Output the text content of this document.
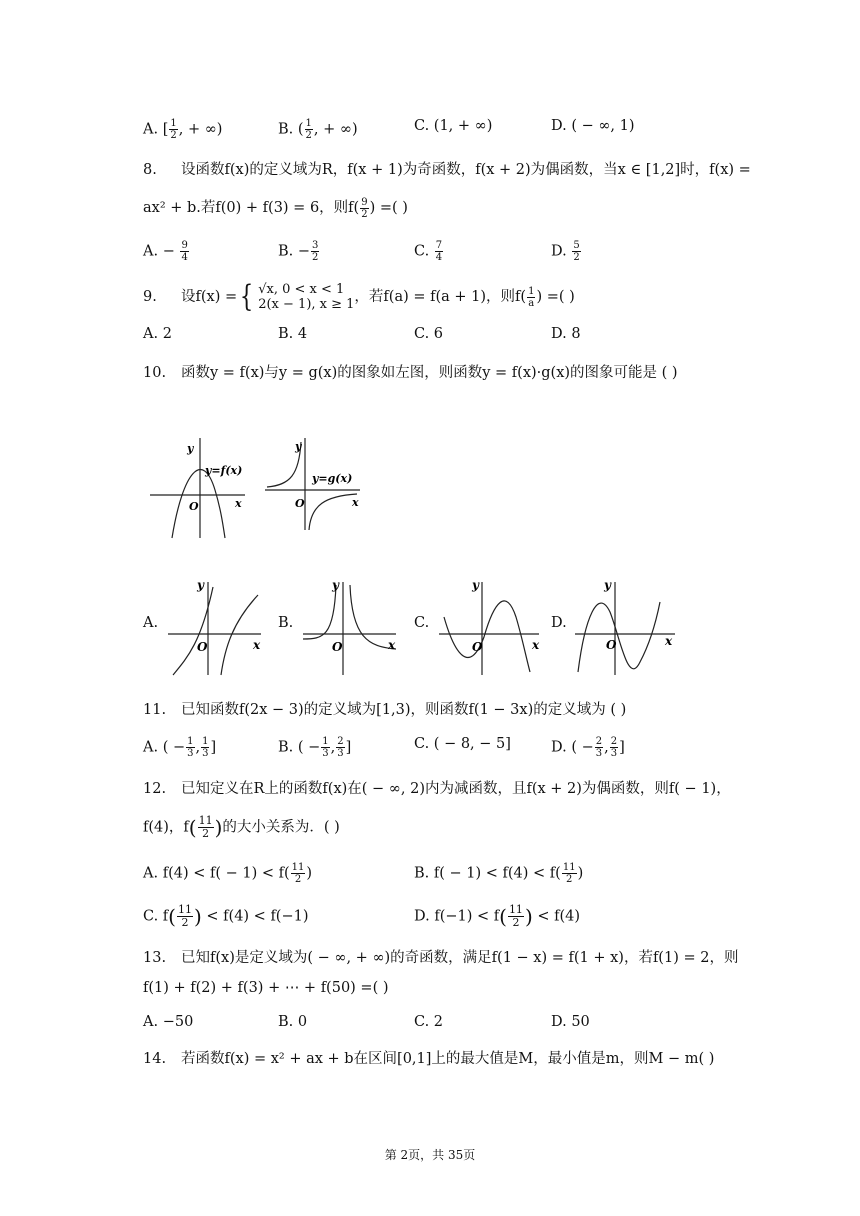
A. [ $\frac{1}{2}$ , + ∞)	B. ( $\frac{1}{2}$ , + ∞)	C. (1, + ∞)	D. ( − ∞, 1)
8. 设函数f(x)的定义域为R，f(x + 1)为奇函数，f(x + 2)为偶函数，当x ∈ [1,2]时，f(x) =
ax² + b.若f(0) + f(3) = 6，则$f( \frac{9}{2}$ ) =( )
A. − $\frac{9}{4}$	B. − $\frac{3}{2}$	C. $\frac{7}{4}$	D. $\frac{5}{2}$
9. 设f(x) ={ √x, 0 < x < 1
2(x − 1), x ≥ 1 ，若f(a) = f(a + 1)，则$f( \frac{1}{a}$ ) =( )
A. 2	B. 4	C. 6	D. 8
10. 函数y = f(x)与y = g(x)的图象如左图，则函数y = f(x)·g(x)的图象可能是 ( )
x
y
O
y=f(x)
x
y
O
y=g(x)
A.
x
y
O
B.
x
y
O
C.
x
y
O
D.
x
y
O
11. 已知函数f(2x − 3)的定义域为[1,3)，则函数f(1 − 3x)的定义域为 ( )
A. ( − $\frac{1}{3}$ , $\frac{1}{3}$ ]	B. ( − $\frac{1}{3}$ , $\frac{2}{3}$ ]	C. ( − 8, − 5]	D. ( − $\frac{2}{3}$ , $\frac{2}{3}$ ]
12. 已知定义在R上的函数f(x)在( − ∞, 2)内为减函数，且f(x + 2)为偶函数，则f( − 1)，
f(4)，$f( \frac{11}{2}$ )的大小关系为．( )
A. $f(4) < f( - 1) < f( \frac{11}{2}$ )	B. $f( - 1) < f(4) < f( \frac{11}{2}$ )
C. $f( \frac{11}{2}$ ) < f(4) < f(−1)	D. $f(-1) < f( \frac{11}{2}$ ) < f(4)
13. 已知f(x)是定义域为( − ∞, + ∞)的奇函数，满足f(1 − x) = f(1 + x)，若f(1) = 2，则
f(1) + f(2) + f(3) + ⋯ + f(50) =( )
A. −50	B. 0	C. 2	D. 50
14. 若函数f(x) = x² + ax + b在区间[0,1]上的最大值是M，最小值是m，则M − m( )
第 2页，共 35页
